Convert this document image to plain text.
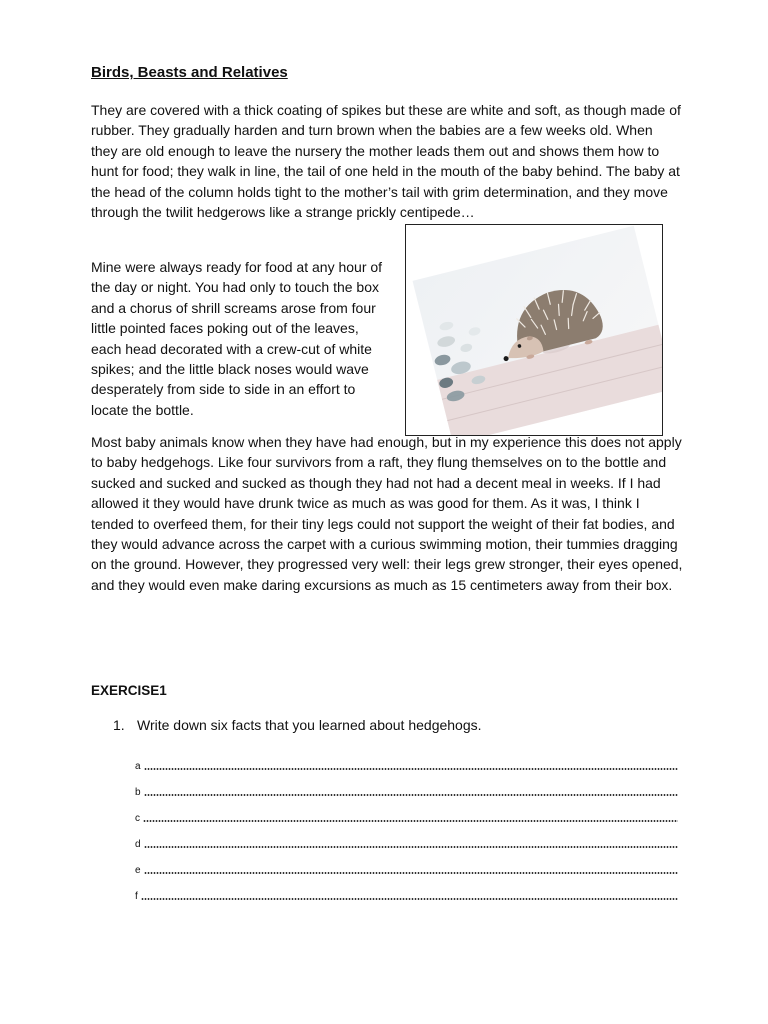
Birds, Beasts and Relatives

They are covered with a thick coating of spikes but these are white and soft, as though made of rubber. They gradually harden and turn brown when the babies are a few weeks old. When they are old enough to leave the nursery the mother leads them out and shows them how to hunt for food; they walk in line, the tail of one held in the mouth of the baby behind. The baby at the head of the column holds tight to the mother’s tail with grim determination, and they move through the twilit hedgerows like a strange prickly centipede…

Mine were always ready for food at any hour of the day or night. You had only to touch the box and a chorus of shrill screams arose from four little pointed faces poking out of the leaves, each head decorated with a crew-cut of white spikes; and the little black noses would wave desperately from side to side in an effort to locate the bottle.

Most baby animals know when they have had enough, but in my experience this does not apply to baby hedgehogs. Like four survivors from a raft, they flung themselves on to the bottle and sucked and sucked and sucked as though they had not had a decent meal in weeks. If I had allowed it they would have drunk twice as much as was good for them. As it was, I think I tended to overfeed them, for their tiny legs could not support the weight of their fat bodies, and they would advance across the carpet with a curious swimming motion, their tummies dragging on the ground. However, they progressed very well: their legs grew stronger, their eyes opened, and they would even make daring excursions as much as 15 centimeters away from their box.

EXERCISE1

1. Write down six facts that you learned about hedgehogs.

a
b
c
d
e
f
